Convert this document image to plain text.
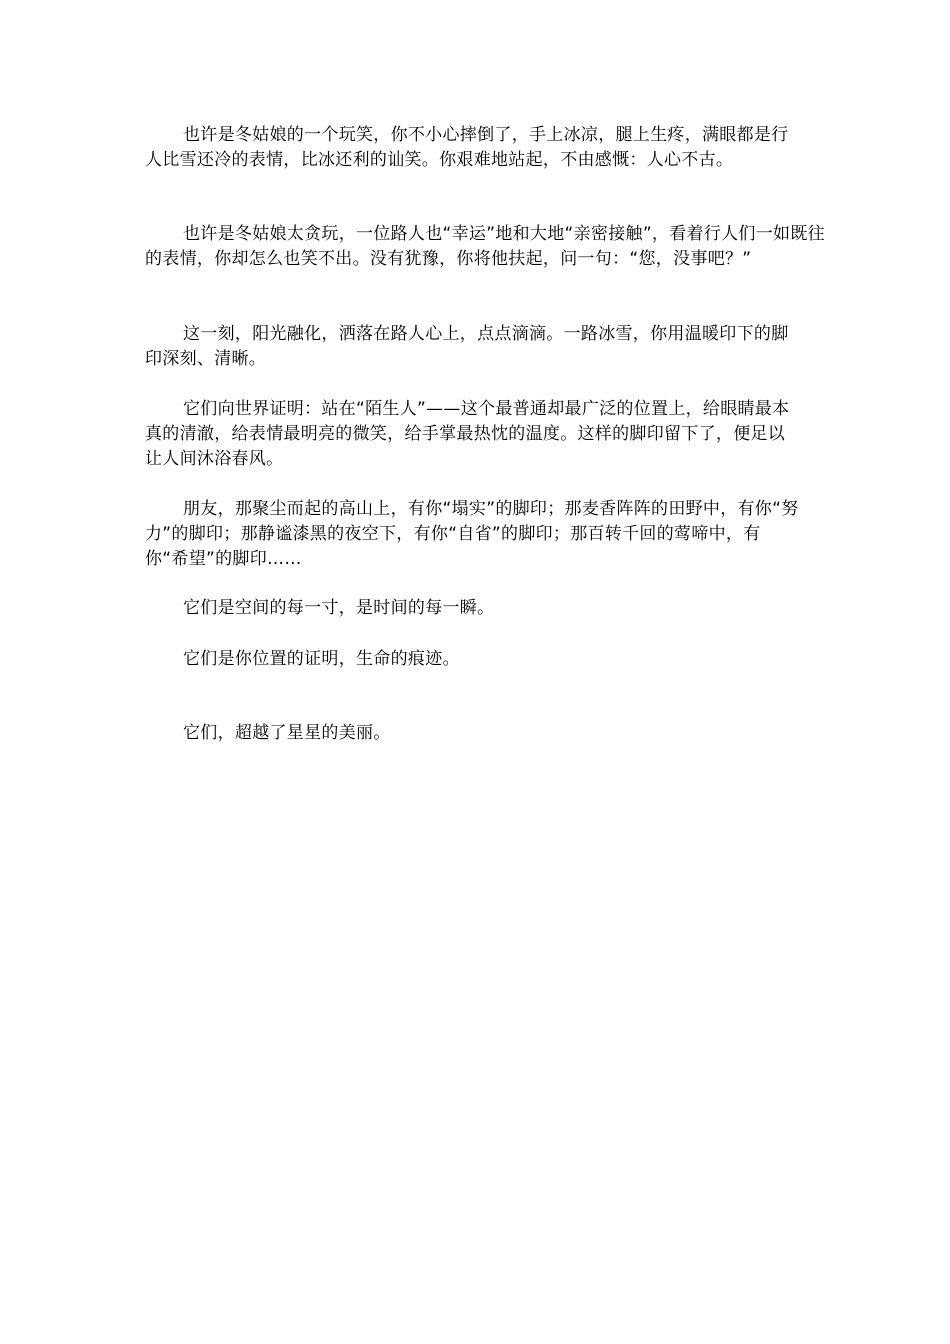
也许是冬姑娘的一个玩笑，你不小心摔倒了，手上冰凉，腿上生疼，满眼都是行人比雪还冷的表情，比冰还利的讪笑。你艰难地站起，不由感慨：人心不古。

也许是冬姑娘太贪玩，一位路人也“幸运”地和大地“亲密接触”，看着行人们一如既往的表情，你却怎么也笑不出。没有犹豫，你将他扶起，问一句：“您，没事吧？”

这一刻，阳光融化，洒落在路人心上，点点滴滴。一路冰雪，你用温暖印下的脚印深刻、清晰。

它们向世界证明：站在“陌生人”——这个最普通却最广泛的位置上，给眼睛最本真的清澈，给表情最明亮的微笑，给手掌最热忱的温度。这样的脚印留下了，便足以让人间沐浴春风。

朋友，那聚尘而起的高山上，有你“塌实”的脚印；那麦香阵阵的田野中，有你“努力”的脚印；那静谧漆黑的夜空下，有你“自省”的脚印；那百转千回的莺啼中，有你“希望”的脚印……

它们是空间的每一寸，是时间的每一瞬。

它们是你位置的证明，生命的痕迹。

它们，超越了星星的美丽。
